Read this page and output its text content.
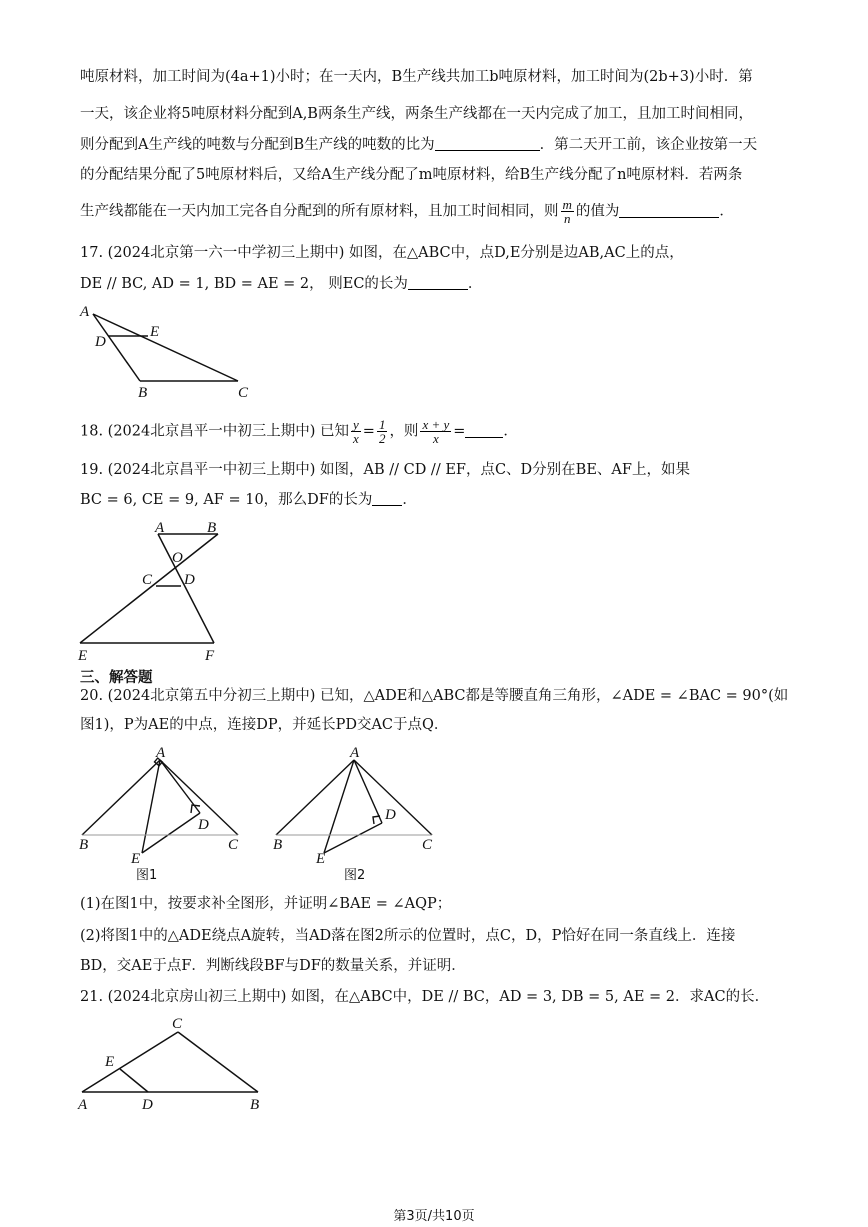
吨原材料，加工时间为(4a+1)小时；在一天内，B生产线共加工b吨原材料，加工时间为(2b+3)小时．第
一天，该企业将5吨原材料分配到A,B两条生产线，两条生产线都在一天内完成了加工，且加工时间相同，
则分配到A生产线的吨数与分配到B生产线的吨数的比为	．第二天开工前，该企业按第一天
的分配结果分配了5吨原材料后，又给A生产线分配了m吨原材料，给B生产线分配了n吨原材料．若两条
生产线都能在一天内加工完各自分配到的所有原材料，且加工时间相同，则 $\frac{m}{n}$ 的值为	．
17. (2024北京第一六一中学初三上期中) 如图，在△ABC中，点D,E分别是边AB,AC上的点，
DE // BC, AD = 1, BD = AE = 2， 则EC的长为	．
A
E
D
B	C
18. (2024北京昌平一中初三上期中) 已知 $\frac{y}{x} = \frac{1}{2}$ ，则 $\frac{x + y}{x}$ =	．
19. (2024北京昌平一中初三上期中) 如图，AB // CD // EF，点C、D分别在BE、AF上，如果
BC = 6, CE = 9, AF = 10，那么DF的长为 ．
A	B
O
C D
E	F
三、解答题
20. (2024北京第五中分初三上期中) 已知，△ADE和△ABC都是等腰直角三角形，∠ADE = ∠BAC = 90°(如
图1)，P为AE的中点，连接DP，并延长PD交AC于点Q．
A
D
B	C
E
图1
A
D
B	C
E
图2
(1)在图1中，按要求补全图形，并证明∠BAE = ∠AQP；
(2)将图1中的△ADE绕点A旋转，当AD落在图2所示的位置时，点C，D，P恰好在同一条直线上．连接
BD，交AE于点F．判断线段BF与DF的数量关系，并证明．
21. (2024北京房山初三上期中) 如图，在△ABC中，DE // BC，AD = 3, DB = 5, AE = 2．求AC的长．
C
E
A	D	B
第3页/共10页
